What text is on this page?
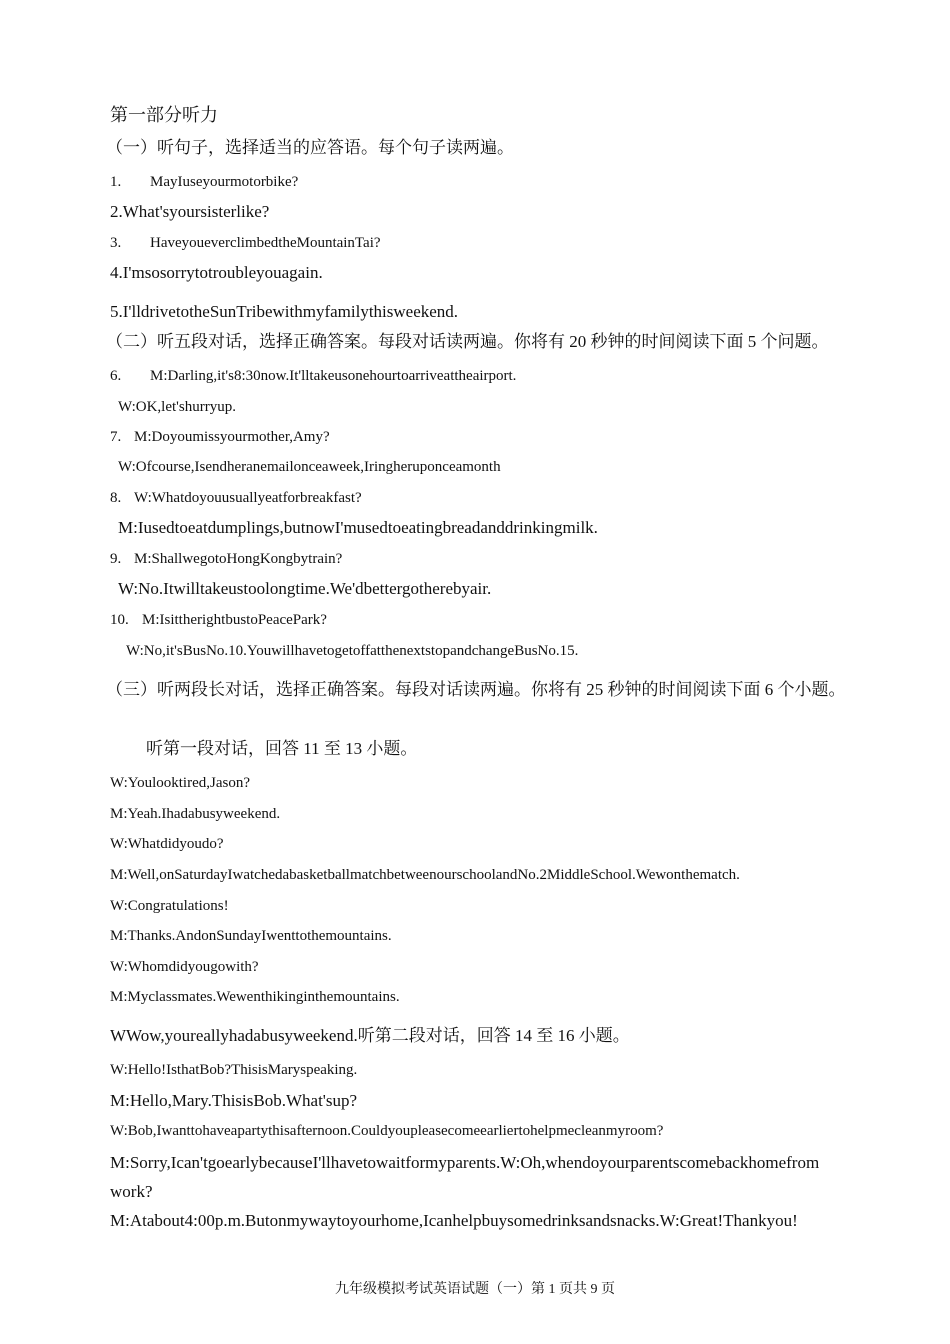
第一部分听力
（一）听句子，选择适当的应答语。每个句子读两遍。
1. MayIuseyourmotorbike?
2.What'syoursisterlike?
3. HaveyoueverclimbedtheMountainTai?
4.I'msosorrytotroubleyouagain.
5.I'lldrivetotheSunTribewithmyfamilythisweekend.
（二）听五段对话，选择正确答案。每段对话读两遍。你将有 20 秒钟的时间阅读下面 5 个问题。
6. M:Darling,it's8:30now.It'lltakeusonehourtoarriveattheairport.
W:OK,let'shurryup.
7. M:Doyoumissyourmother,Amy?
W:Ofcourse,Isendheranemailonceaweek,Iringheruponceamonth
8. W:Whatdoyouusuallyeatforbreakfast?
M:Iusedtoeatdumplings,butnowI'musedtoeatingbreadanddrinkingmilk.
9. M:ShallwegotoHongKongbytrain?
W:No.Itwilltakeustoolongtime.We'dbettergotherebyair.
10. M:IsittherightbustoPeacePark?
W:No,it'sBusNo.10.YouwillhavetogetoffatthenextstopandchangeBusNo.15.
（三）听两段长对话，选择正确答案。每段对话读两遍。你将有 25 秒钟的时间阅读下面 6 个小题。
听第一段对话，回答 11 至 13 小题。
W:Youlooktired,Jason?
M:Yeah.Ihadabusyweekend.
W:Whatdidyoudo?
M:Well,onSaturdayIwatchedabasketballmatchbetweenourschoolandNo.2MiddleSchool.Wewonthematch.
W:Congratulations!
M:Thanks.AndonSundayIwenttothemountains.
W:Whomdidyougowith?
M:Myclassmates.Wewenthikinginthemountains.
WWow,youreallyhadabusyweekend.听第二段对话，回答 14 至 16 小题。
W:Hello!IsthatBob?ThisisMaryspeaking.
M:Hello,Mary.ThisisBob.What'sup?
W:Bob,Iwanttohaveapartythisafternoon.Couldyoupleasecomeearliertohelpmecleanmyroom?
M:Sorry,Ican'tgoearlybecauseI'llhavetowaitformyparents.W:Oh,whendoyourparentscomebackhomefrom work?
M:Atabout4:00p.m.Butonmywaytoyourhome,Icanhelpbuysomedrinksandsnacks.W:Great!Thankyou!
九年级模拟考试英语试题（一）第 1 页共 9 页
